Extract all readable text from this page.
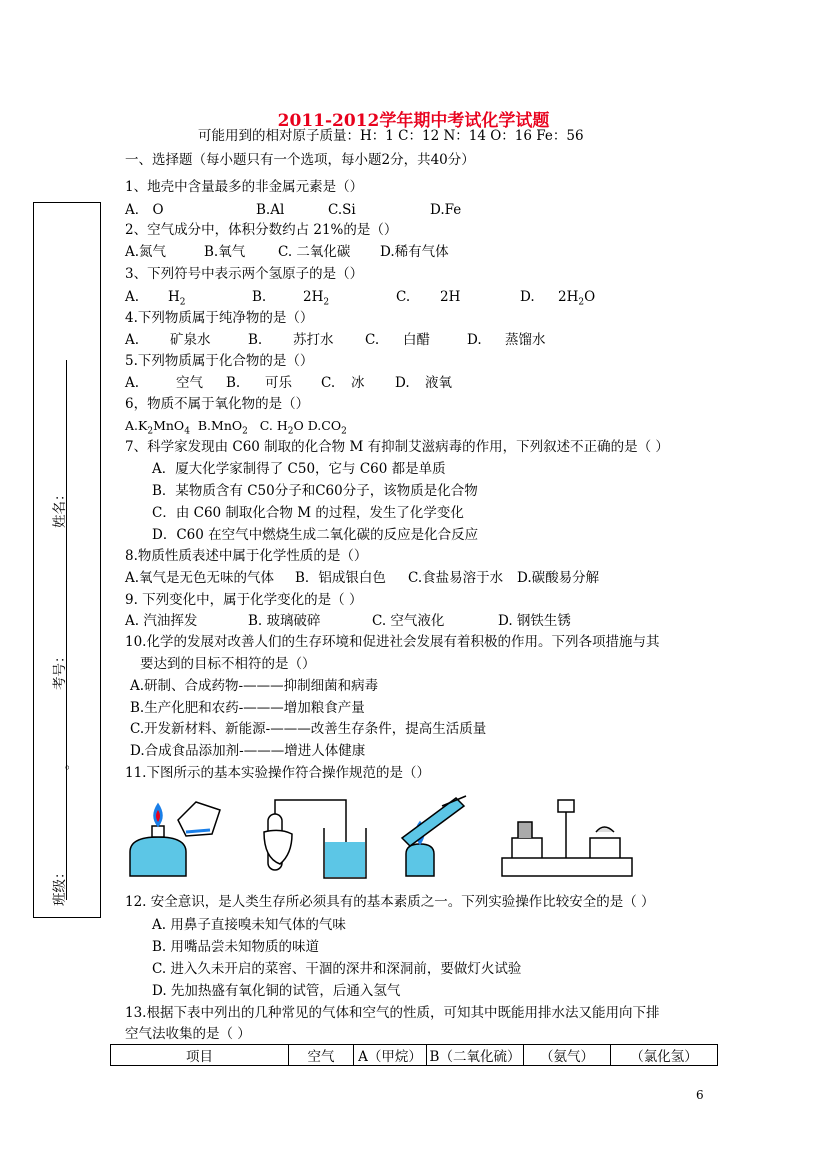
2011-2012学年期中考试化学试题
可能用到的相对原子质量：H：1 C：12 N：14 O：16 Fe：56
一、选择题（每小题只有一个选项，每小题2分，共40分）
姓名：
考号：
。
班级：
1、地壳中含量最多的非金属元素是（）
A． O	B.Al	C.Si	D.Fe
2、空气成分中，体积分数约占 21%的是（）
A.氮气	B.氧气 C. 二氧化碳 D.稀有气体
3、下列符号中表示两个氢原子的是（）
A. $H_2$	B.	$2H_2$	C. 2H	D. $2H_2O$
4.下列物质属于纯净物的是（）
A. 矿泉水	B. 苏打水 C. 白醋	D. 蒸馏水
5.下列物质属于化合物的是（）
A.	空气 B. 可乐 C. 冰 D. 液氧
6，物质不属于氧化物的是（）
$A.K_2MnO_4$ B.MnO$_2$ C. $H_2O$ $D.CO_2$
7、科学家发现由 C60 制取的化合物 M 有抑制艾滋病毒的作用，下列叙述不正确的是（ ）
A．厦大化学家制得了 C50，它与 C60 都是单质
B．某物质含有 C50分子和C60分子，该物质是化合物
C．由 C60 制取化合物 M 的过程，发生了化学变化
D．C60 在空气中燃烧生成二氧化碳的反应是化合反应
8.物质性质表述中属于化学性质的是（）
A.氧气是无色无味的气体 B．铝成银白色 C.食盐易溶于水 D.碳酸易分解
9. 下列变化中，属于化学变化的是（ ）
A. 汽油挥发	B. 玻璃破碎	C. 空气液化	D. 钢铁生锈
10.化学的发展对改善人们的生存环境和促进社会发展有着积极的作用。下列各项措施与其
要达到的目标不相符的是（）
A.研制、合成药物-———抑制细菌和病毒
B.生产化肥和农药-———增加粮食产量
C.开发新材料、新能源-———改善生存条件，提高生活质量
D.合成食品添加剂-———增进人体健康
11.下图所示的基本实验操作符合操作规范的是（）
12. 安全意识，是人类生存所必须具有的基本素质之一。下列实验操作比较安全的是（ ）
A. 用鼻子直接嗅未知气体的气味
B. 用嘴品尝未知物质的味道
C. 进入久未开启的菜窖、干涸的深井和深洞前，要做灯火试验
D. 先加热盛有氧化铜的试管，后通入氢气
13.根据下表中列出的几种常见的气体和空气的性质，可知其中既能用排水法又能用向下排
空气法收集的是（ ）
项目	空气	A（甲烷）	B（二氧化硫）	（氨气）	（氯化氢）
6
